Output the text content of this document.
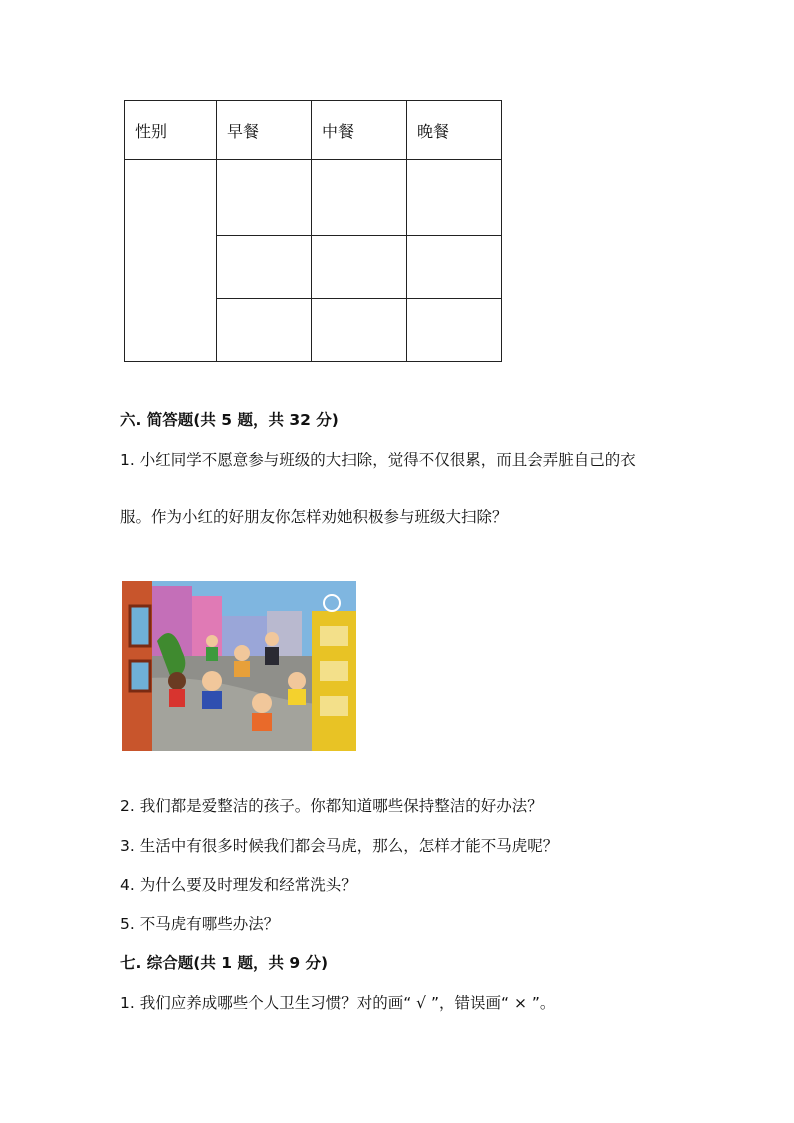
性别	早餐	中餐	晚餐

六. 简答题(共 5 题，共 32 分)
1. 小红同学不愿意参与班级的大扫除，觉得不仅很累，而且会弄脏自己的衣
服。作为小红的好朋友你怎样劝她积极参与班级大扫除？
2. 我们都是爱整洁的孩子。你都知道哪些保持整洁的好办法？
3. 生活中有很多时候我们都会马虎，那么，怎样才能不马虎呢？
4. 为什么要及时理发和经常洗头？
5. 不马虎有哪些办法？
七. 综合题(共 1 题，共 9 分)
1. 我们应养成哪些个人卫生习惯？对的画“ √ ”，错误画“ × ”。
